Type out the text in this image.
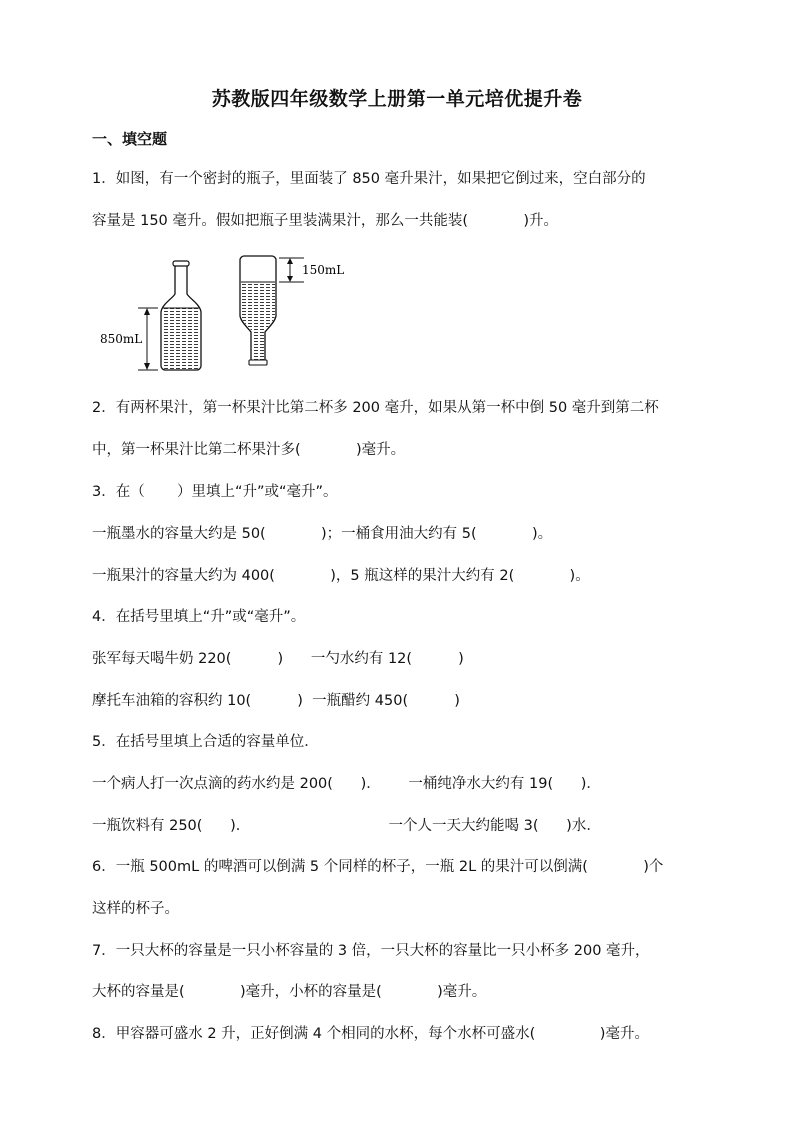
苏教版四年级数学上册第一单元培优提升卷
一、填空题
1．如图，有一个密封的瓶子，里面装了 850 毫升果汁，如果把它倒过来，空白部分的
容量是 150 毫升。假如把瓶子里装满果汁，那么一共能装(            )升。
850mL
150mL
2．有两杯果汁，第一杯果汁比第二杯多 200 毫升，如果从第一杯中倒 50 毫升到第二杯
中，第一杯果汁比第二杯果汁多(            )毫升。
3．在（       ）里填上“升”或“毫升”。
一瓶墨水的容量大约是 50(            )；一桶食用油大约有 5(            )。
一瓶果汁的容量大约为 400(            )，5 瓶这样的果汁大约有 2(            )。
4．在括号里填上“升”或“毫升”。
张军每天喝牛奶 220(          )      一勺水约有 12(          )
摩托车油箱的容积约 10(          )  一瓶醋约 450(          )
5．在括号里填上合适的容量单位．
一个病人打一次点滴的药水约是 200(      )．      一桶纯净水大约有 19(      )．
一瓶饮料有 250(      )．                              一个人一天大约能喝 3(      )水．
6．一瓶 500mL 的啤酒可以倒满 5 个同样的杯子，一瓶 2L 的果汁可以倒满(            )个
这样的杯子。
7．一只大杯的容量是一只小杯容量的 3 倍，一只大杯的容量比一只小杯多 200 毫升，
大杯的容量是(            )毫升，小杯的容量是(            )毫升。
8．甲容器可盛水 2 升，正好倒满 4 个相同的水杯，每个水杯可盛水(              )毫升。
